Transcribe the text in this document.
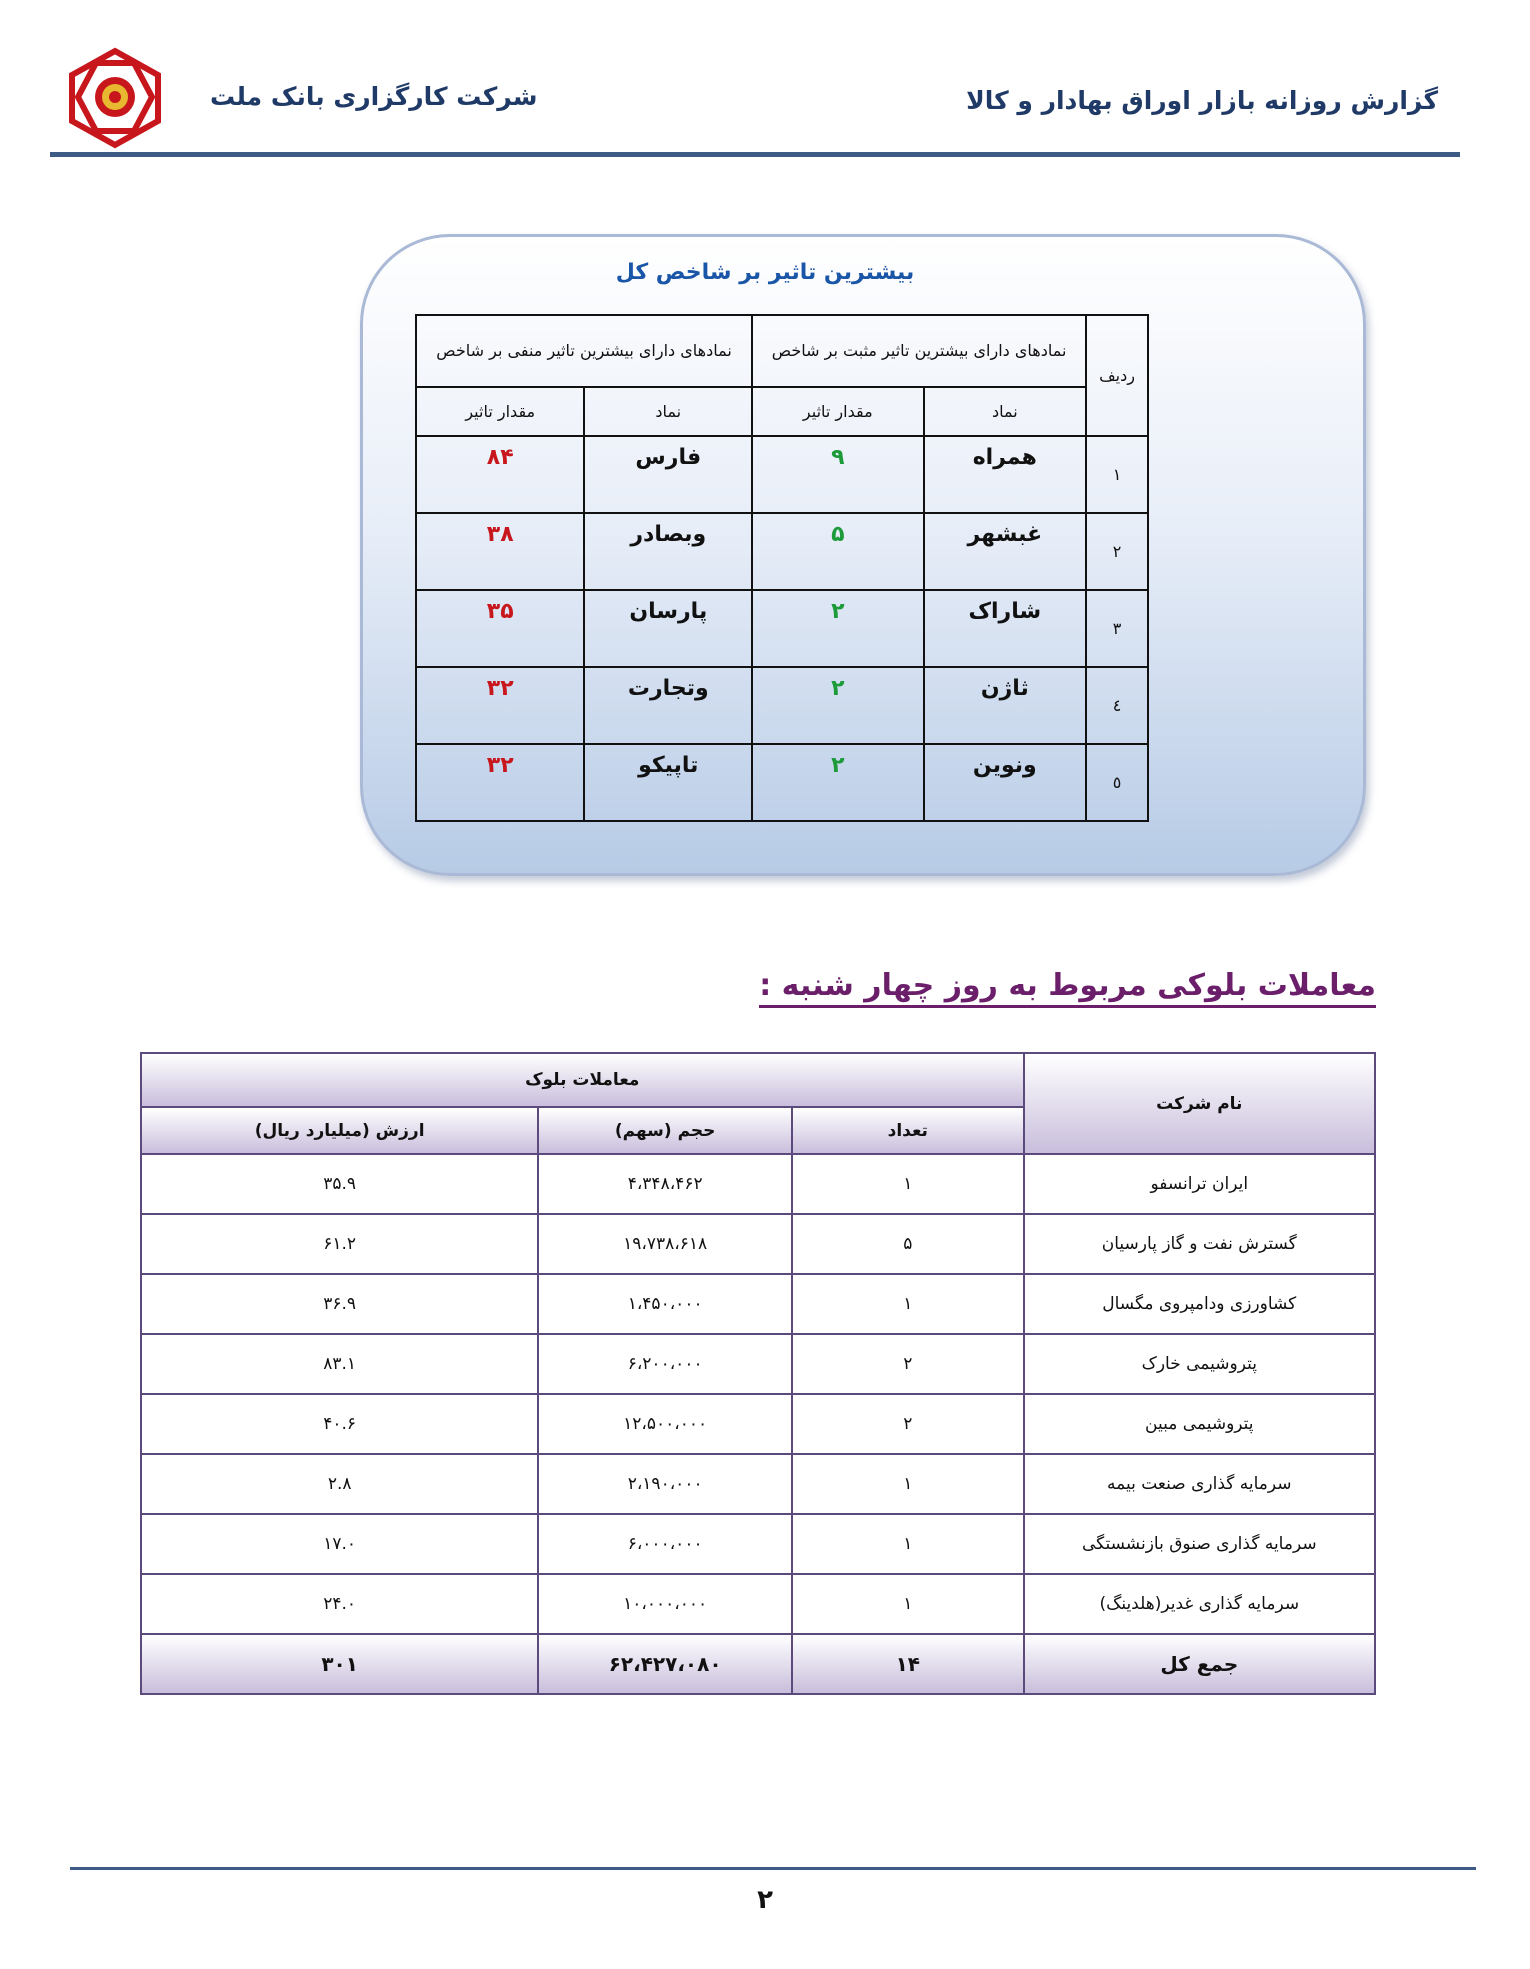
شرکت کارگزاری بانک ملت	گزارش روزانه بازار اوراق بهادار و کالا
بیشترین تاثیر بر شاخص کل
ردیف	نمادهای دارای بیشترین تاثیر مثبت بر شاخص		نمادهای دارای بیشترین تاثیر منفی بر شاخص	
	نماد	مقدار تاثیر	نماد	مقدار تاثیر
۱	همراه	۹	فارس	۸۴
۲	غبشهر	۵	وبصادر	۳۸
۳	شاراک	۲	پارسان	۳۵
٤	ثاژن	۲	وتجارت	۳۲
٥	ونوین	۲	تاپیکو	۳۲
معاملات بلوکی مربوط به روز چهار شنبه :
نام شرکت	معاملات بلوک		
	تعداد	حجم (سهم)	ارزش (میلیارد ریال)
ایران ترانسفو	۱	۴،۳۴۸،۴۶۲	۳۵.۹
گسترش نفت و گاز پارسیان	۵	۱۹،۷۳۸،۶۱۸	۶۱.۲
کشاورزی ودامپروی مگسال	۱	۱،۴۵۰،۰۰۰	۳۶.۹
پتروشیمی خارک	۲	۶،۲۰۰،۰۰۰	۸۳.۱
پتروشیمی مبین	۲	۱۲،۵۰۰،۰۰۰	۴۰.۶
سرمایه گذاری صنعت بیمه	۱	۲،۱۹۰،۰۰۰	۲.۸
سرمایه گذاری صنوق بازنشستگی	۱	۶،۰۰۰،۰۰۰	۱۷.۰
سرمایه گذاری غدیر(هلدینگ)	۱	۱۰،۰۰۰،۰۰۰	۲۴.۰
جمع کل	۱۴	۶۲،۴۲۷،۰۸۰	۳۰۱
۲
